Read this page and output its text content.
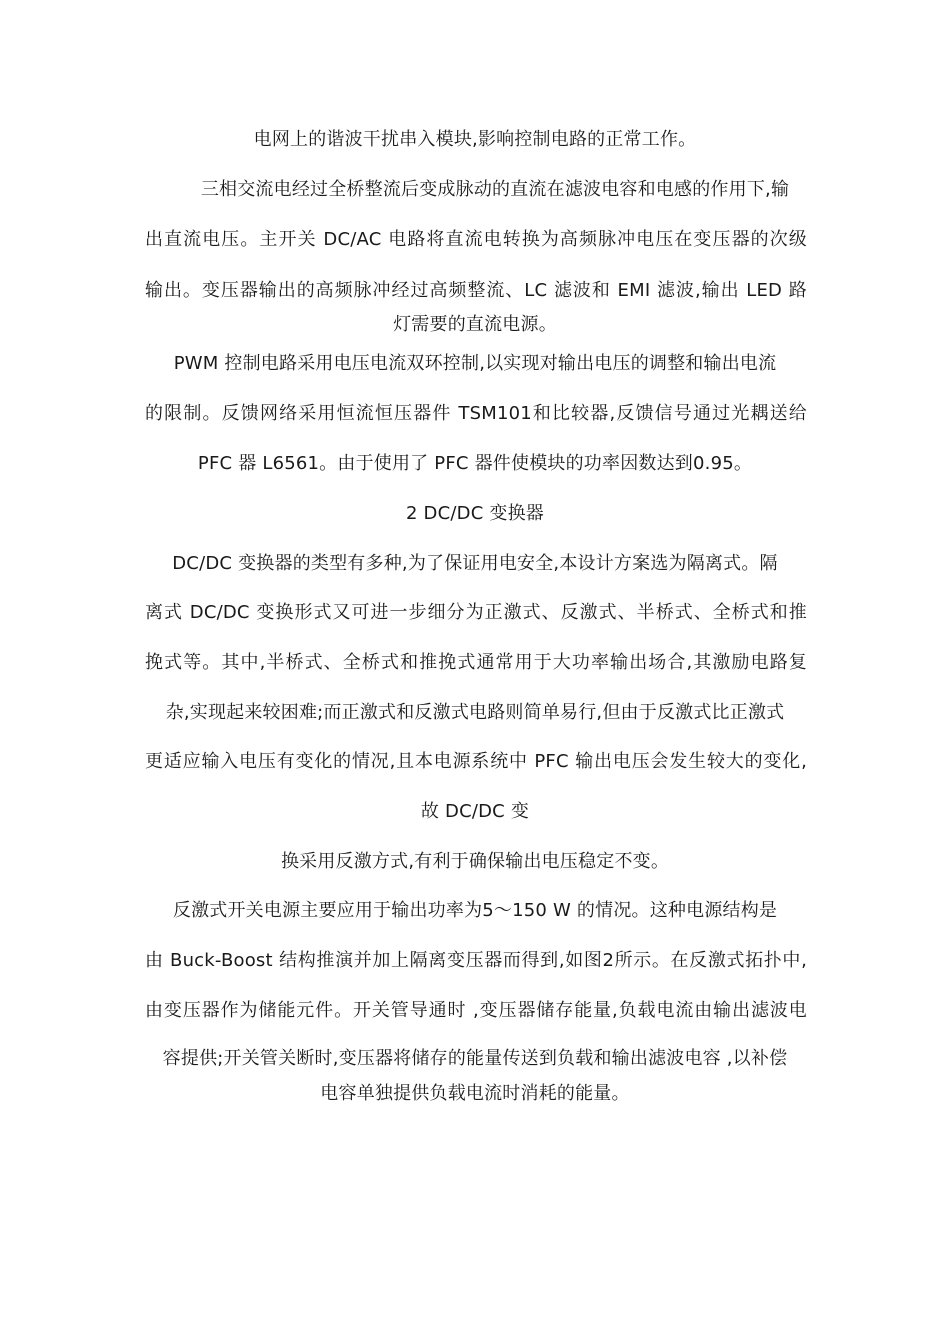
电网上的谐波干扰串入模块,影响控制电路的正常工作。
三相交流电经过全桥整流后变成脉动的直流在滤波电容和电感的作用下,输
出直流电压。主开关 DC/AC 电路将直流电转换为高频脉冲电压在变压器的次级
输出。变压器输出的高频脉冲经过高频整流、LC 滤波和 EMI 滤波,输出 LED 路
灯需要的直流电源。
PWM 控制电路采用电压电流双环控制,以实现对输出电压的调整和输出电流
的限制。反馈网络采用恒流恒压器件 TSM101和比较器,反馈信号通过光耦送给
PFC 器 L6561。由于使用了 PFC 器件使模块的功率因数达到0.95。
2 DC/DC 变换器
DC/DC 变换器的类型有多种,为了保证用电安全,本设计方案选为隔离式。隔
离式 DC/DC 变换形式又可进一步细分为正激式、反激式、半桥式、全桥式和推
挽式等。其中,半桥式、全桥式和推挽式通常用于大功率输出场合,其激励电路复
杂,实现起来较困难;而正激式和反激式电路则简单易行,但由于反激式比正激式
更适应输入电压有变化的情况,且本电源系统中 PFC 输出电压会发生较大的变化,
故 DC/DC 变
换采用反激方式,有利于确保输出电压稳定不变。
反激式开关电源主要应用于输出功率为5～150 W 的情况。这种电源结构是
由 Buck-Boost 结构推演并加上隔离变压器而得到,如图2所示。在反激式拓扑中,
由变压器作为储能元件。开关管导通时 ,变压器储存能量,负载电流由输出滤波电
容提供;开关管关断时,变压器将储存的能量传送到负载和输出滤波电容 ,以补偿
电容单独提供负载电流时消耗的能量。
